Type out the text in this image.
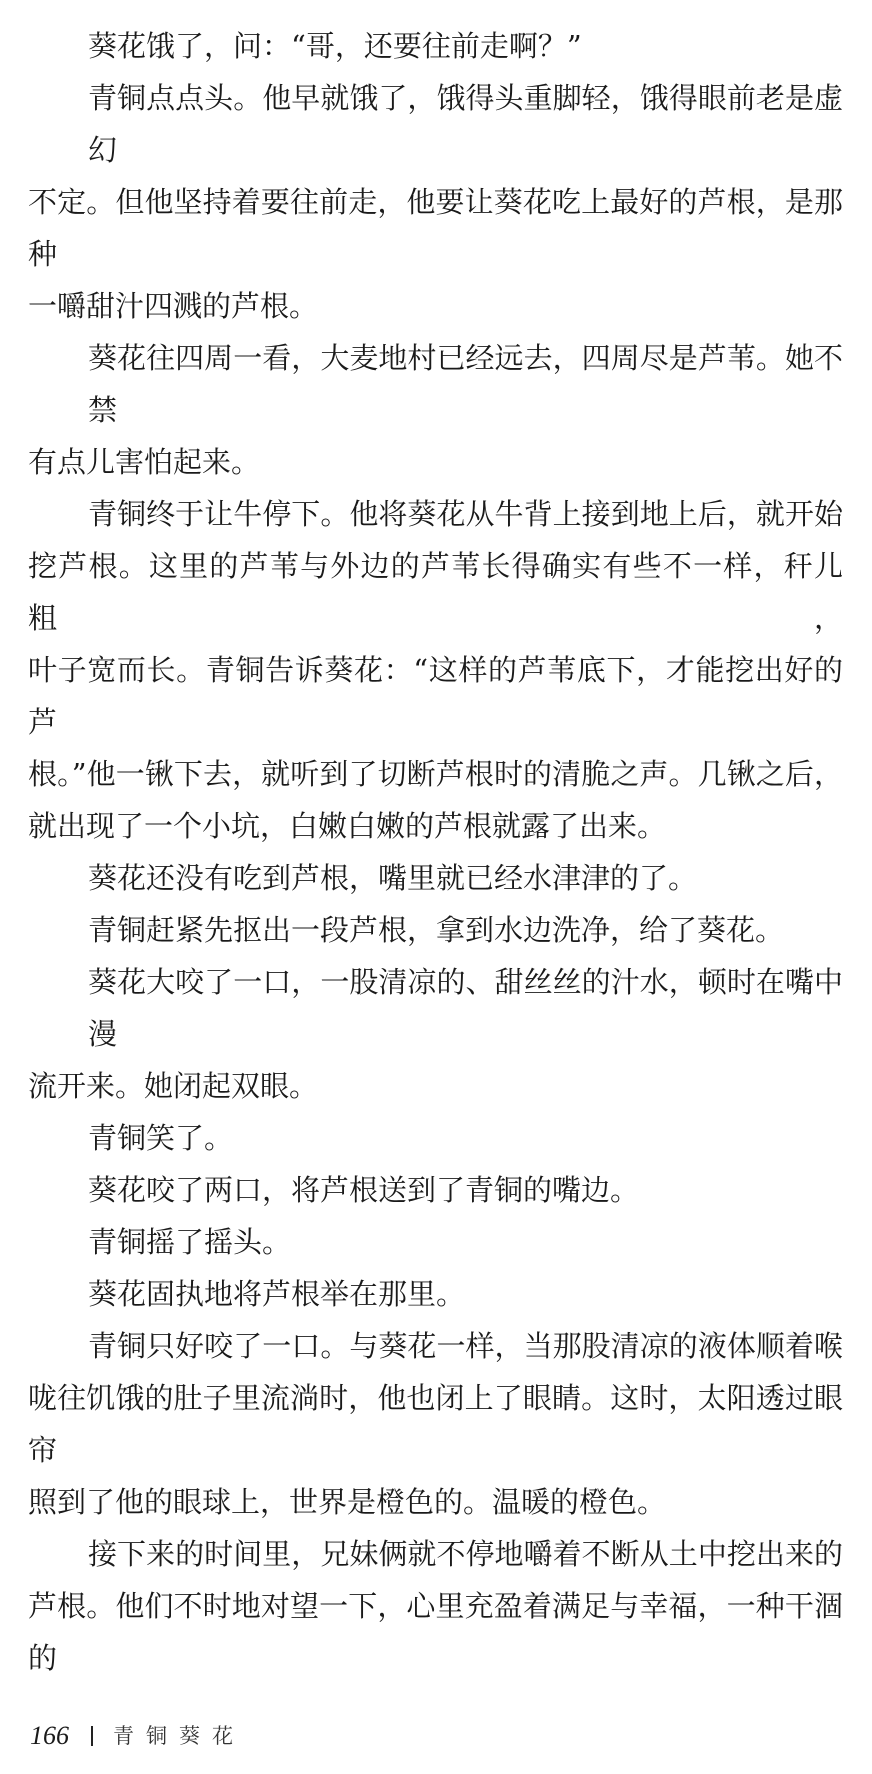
葵花饿了，问：“哥，还要往前走啊？”
青铜点点头。他早就饿了，饿得头重脚轻，饿得眼前老是虚幻
不定。但他坚持着要往前走，他要让葵花吃上最好的芦根，是那种
一嚼甜汁四溅的芦根。
葵花往四周一看，大麦地村已经远去，四周尽是芦苇。她不禁
有点儿害怕起来。
青铜终于让牛停下。他将葵花从牛背上接到地上后，就开始
挖芦根。这里的芦苇与外边的芦苇长得确实有些不一样，秆儿粗，
叶子宽而长。青铜告诉葵花：“这样的芦苇底下，才能挖出好的芦
根。”他一锹下去，就听到了切断芦根时的清脆之声。几锹之后，
就出现了一个小坑，白嫩白嫩的芦根就露了出来。
葵花还没有吃到芦根，嘴里就已经水津津的了。
青铜赶紧先抠出一段芦根，拿到水边洗净，给了葵花。
葵花大咬了一口，一股清凉的、甜丝丝的汁水，顿时在嘴中漫
流开来。她闭起双眼。
青铜笑了。
葵花咬了两口，将芦根送到了青铜的嘴边。
青铜摇了摇头。
葵花固执地将芦根举在那里。
青铜只好咬了一口。与葵花一样，当那股清凉的液体顺着喉
咙往饥饿的肚子里流淌时，他也闭上了眼睛。这时，太阳透过眼帘
照到了他的眼球上，世界是橙色的。温暖的橙色。
接下来的时间里，兄妹俩就不停地嚼着不断从土中挖出来的
芦根。他们不时地对望一下，心里充盈着满足与幸福，一种干涸的
166 青铜葵花
